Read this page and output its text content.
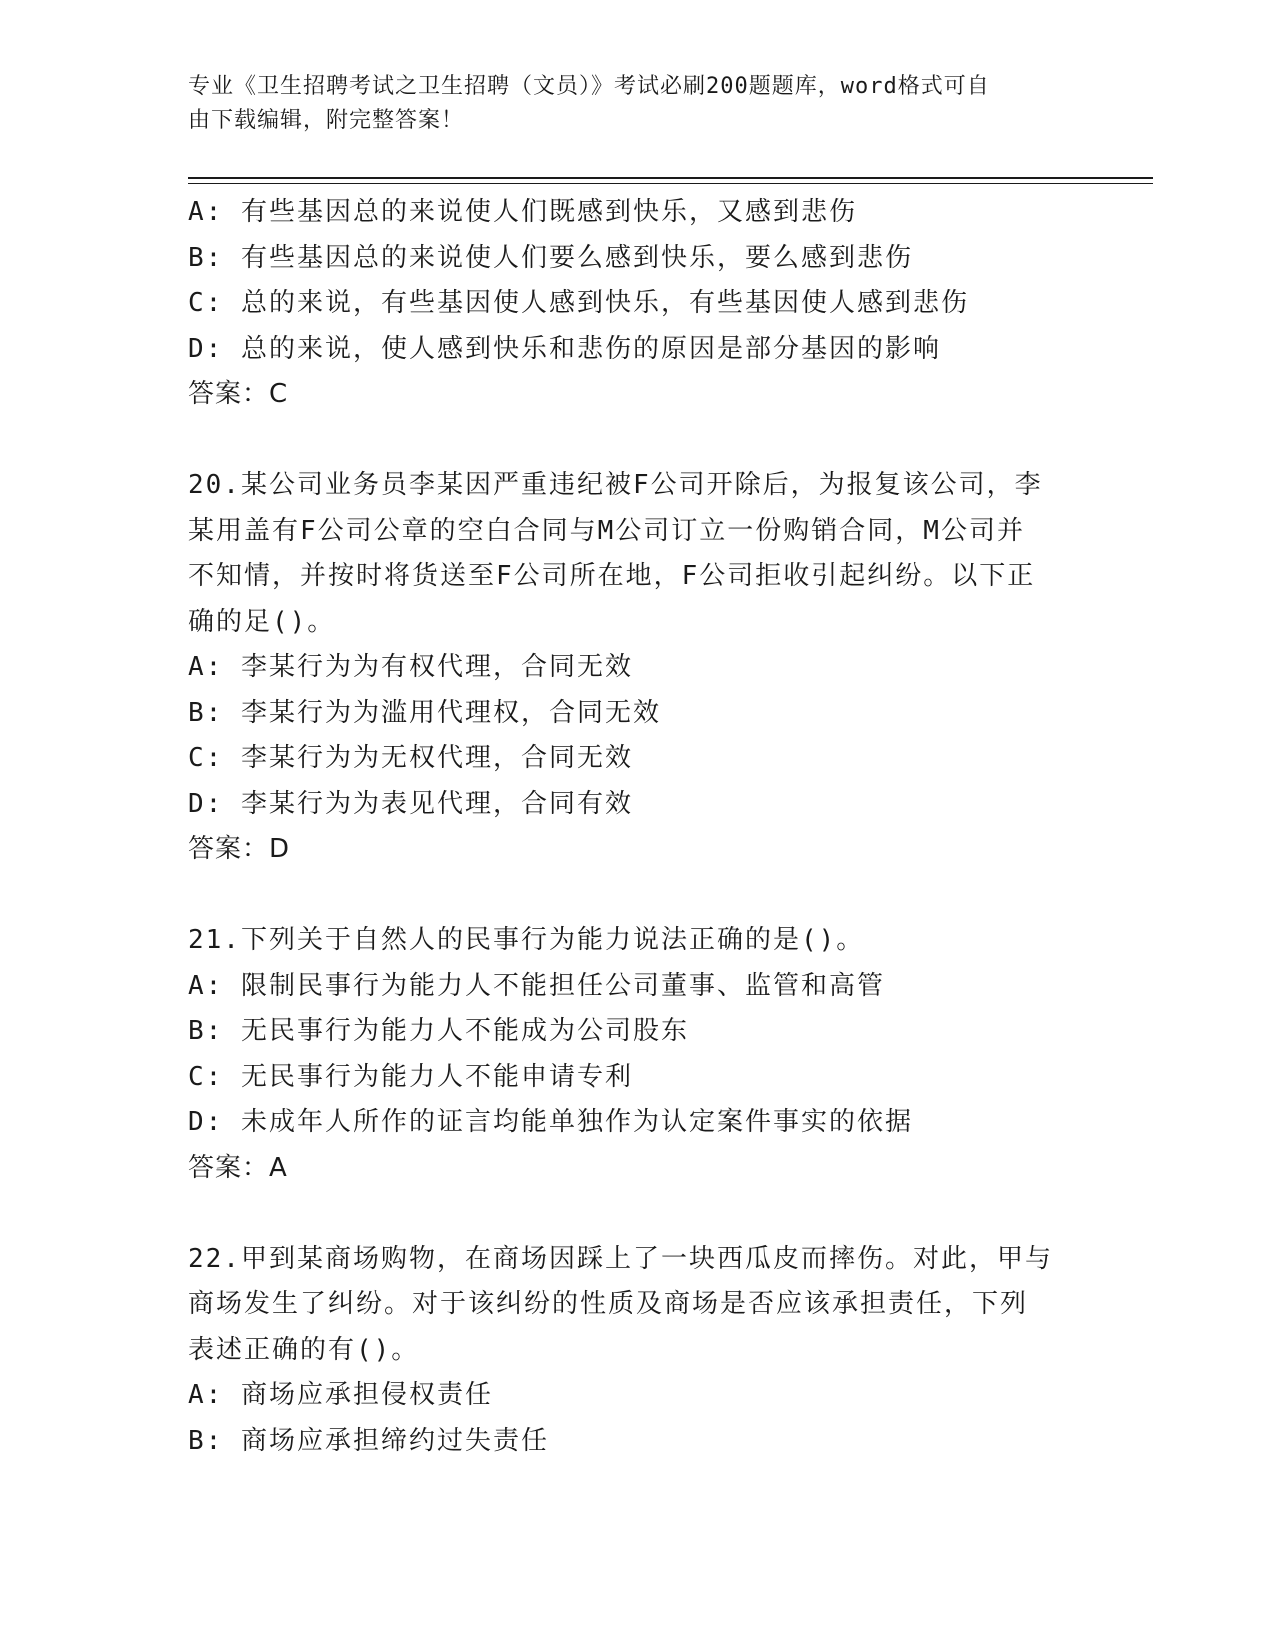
专业《卫生招聘考试之卫生招聘（文员）》考试必刷200题题库，word格式可自
由下载编辑，附完整答案！
A: 有些基因总的来说使人们既感到快乐，又感到悲伤
B: 有些基因总的来说使人们要么感到快乐，要么感到悲伤
C: 总的来说，有些基因使人感到快乐，有些基因使人感到悲伤
D: 总的来说，使人感到快乐和悲伤的原因是部分基因的影响
答案：C
20.某公司业务员李某因严重违纪被F公司开除后，为报复该公司，李
某用盖有F公司公章的空白合同与M公司订立一份购销合同，M公司并
不知情，并按时将货送至F公司所在地，F公司拒收引起纠纷。以下正
确的足()。
A: 李某行为为有权代理，合同无效
B: 李某行为为滥用代理权，合同无效
C: 李某行为为无权代理，合同无效
D: 李某行为为表见代理，合同有效
答案：D
21.下列关于自然人的民事行为能力说法正确的是()。
A: 限制民事行为能力人不能担任公司董事、监管和高管
B: 无民事行为能力人不能成为公司股东
C: 无民事行为能力人不能申请专利
D: 未成年人所作的证言均能单独作为认定案件事实的依据
答案：A
22.甲到某商场购物，在商场因踩上了一块西瓜皮而摔伤。对此，甲与
商场发生了纠纷。对于该纠纷的性质及商场是否应该承担责任，下列
表述正确的有()。
A: 商场应承担侵权责任
B: 商场应承担缔约过失责任
